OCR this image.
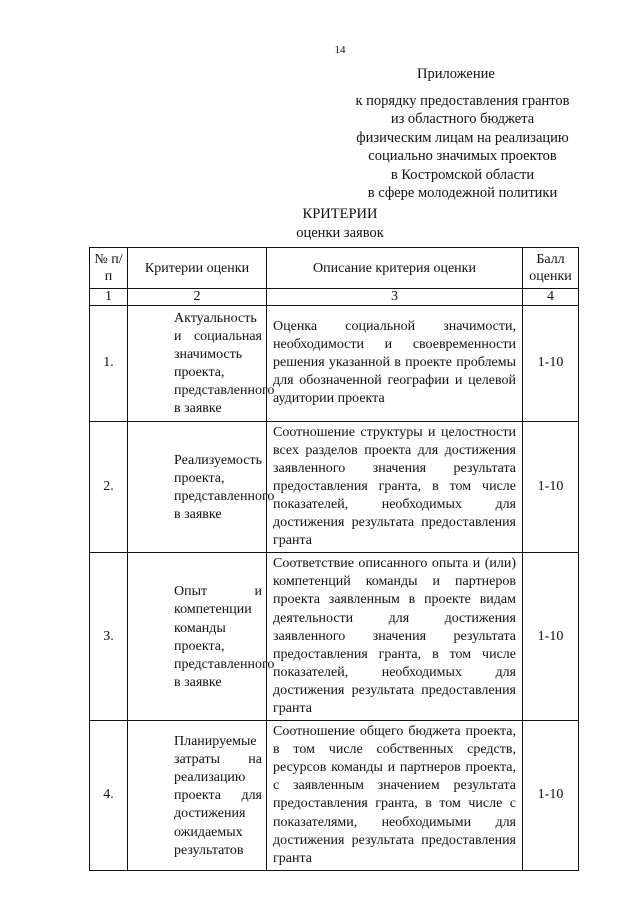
14
Приложение
к порядку предоставления грантов
из областного бюджета
физическим лицам на реализацию
социально значимых проектов
в Костромской области
в сфере молодежной политики
КРИТЕРИИ
оценки заявок
№ п/п	Критерии оценки	Описание критерия оценки	Балл оценки
1	2	3	4
1.	Актуальность и социальная значимость проекта, представленного в заявке	Оценка социальной значимости, необходимости и своевременности решения указанной в проекте проблемы для обозначенной географии и целевой аудитории проекта	1-10
2.	Реализуемость проекта, представленного в заявке	Соотношение структуры и целостности всех разделов проекта для достижения заявленного значения результата предоставления гранта, в том числе показателей, необходимых для достижения результата предоставления гранта	1-10
3.	Опыт и компетенции команды проекта, представленного в заявке	Соответствие описанного опыта и (или) компетенций команды и партнеров проекта заявленным в проекте видам деятельности для достижения заявленного значения результата предоставления гранта, в том числе показателей, необходимых для достижения результата предоставления гранта	1-10
4.	Планируемые затраты на реализацию проекта для достижения ожидаемых результатов	Соотношение общего бюджета проекта, в том числе собственных средств, ресурсов команды и партнеров проекта, с заявленным значением результата предоставления гранта, в том числе с показателями, необходимыми для достижения результата предоставления гранта	1-10
